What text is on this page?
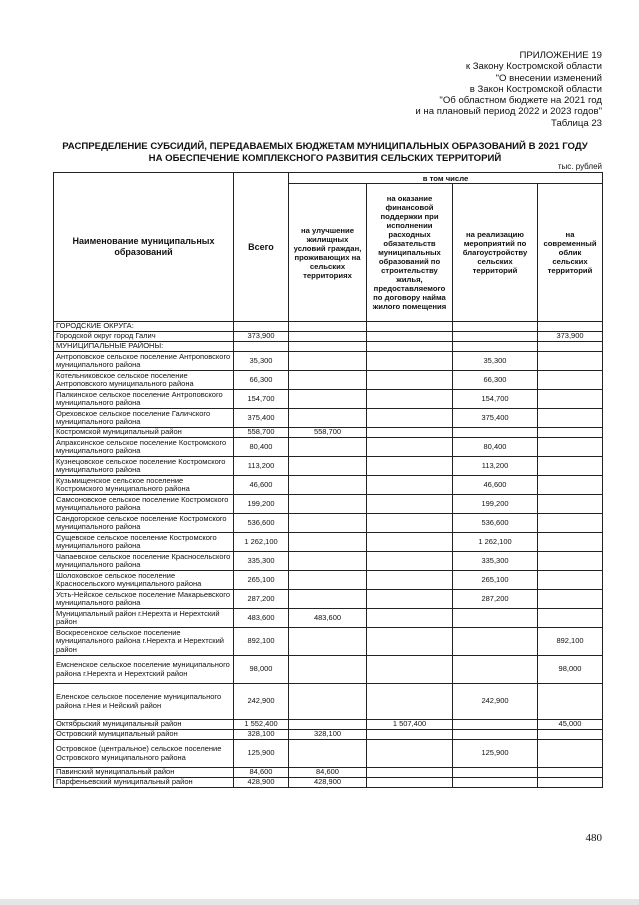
ПРИЛОЖЕНИЕ 19
к Закону Костромской области
"О внесении изменений
в Закон Костромской области
"Об областном бюджете на 2021 год
и на плановый период 2022 и 2023 годов"
Таблица 23
РАСПРЕДЕЛЕНИЕ СУБСИДИЙ, ПЕРЕДАВАЕМЫХ БЮДЖЕТАМ МУНИЦИПАЛЬНЫХ ОБРАЗОВАНИЙ В 2021 ГОДУ
НА ОБЕСПЕЧЕНИЕ КОМПЛЕКСНОГО РАЗВИТИЯ СЕЛЬСКИХ ТЕРРИТОРИЙ
тыс. рублей
Наименование муниципальных образований	Всего	в том числе			
		на улучшение жилищных условий граждан, проживающих на сельских территориях	на оказание финансовой поддержки при исполнении расходных обязательств муниципальных образований по строительству жилья, предоставляемого по договору найма жилого помещения	на реализацию мероприятий по благоустройству сельских территорий	на современный облик сельских территорий
ГОРОДСКИЕ ОКРУГА:					
Городской округ город Галич	373,900				373,900
МУНИЦИПАЛЬНЫЕ РАЙОНЫ:					
Антроповское сельское поселение Антроповского муниципального района	35,300			35,300	
Котельниковское сельское поселение Антроповского муниципального района	66,300			66,300	
Палкинское сельское поселение Антроповского муниципального района	154,700			154,700	
Ореховское сельское поселение Галичского муниципального района	375,400			375,400	
Костромской муниципальный район	558,700	558,700			
Апраксинское сельское поселение Костромского муниципального района	80,400			80,400	
Кузнецовское сельское поселение Костромского муниципального района	113,200			113,200	
Кузьмищенское сельское поселение Костромского муниципального района	46,600			46,600	
Самсоновское сельское поселение Костромского муниципального района	199,200			199,200	
Сандогорское сельское поселение Костромского муниципального района	536,600			536,600	
Сущевское сельское поселение Костромского муниципального района	1 262,100			1 262,100	
Чапаевское сельское поселение Красносельского муниципального района	335,300			335,300	
Шолоховское сельское поселение Красносельского муниципального района	265,100			265,100	
Усть-Нейское сельское поселение Макарьевского муниципального района	287,200			287,200	
Муниципальный район г.Нерехта и Нерехтский район	483,600	483,600			
Воскресенское сельское поселение муниципального района г.Нерехта и Нерехтский район	892,100				892,100
Емсненское сельское поселение муниципального района г.Нерехта и Нерехтский район	98,000				98,000
Еленское сельское поселение муниципального района г.Нея и Нейский район	242,900			242,900	
Октябрьский муниципальный район	1 552,400		1 507,400		45,000
Островский муниципальный район	328,100	328,100			
Островское (центральное) сельское поселение Островского муниципального района	125,900			125,900	
Павинский муниципальный район	84,600	84,600			
Парфеньевский муниципальный район	428,900	428,900			
480
